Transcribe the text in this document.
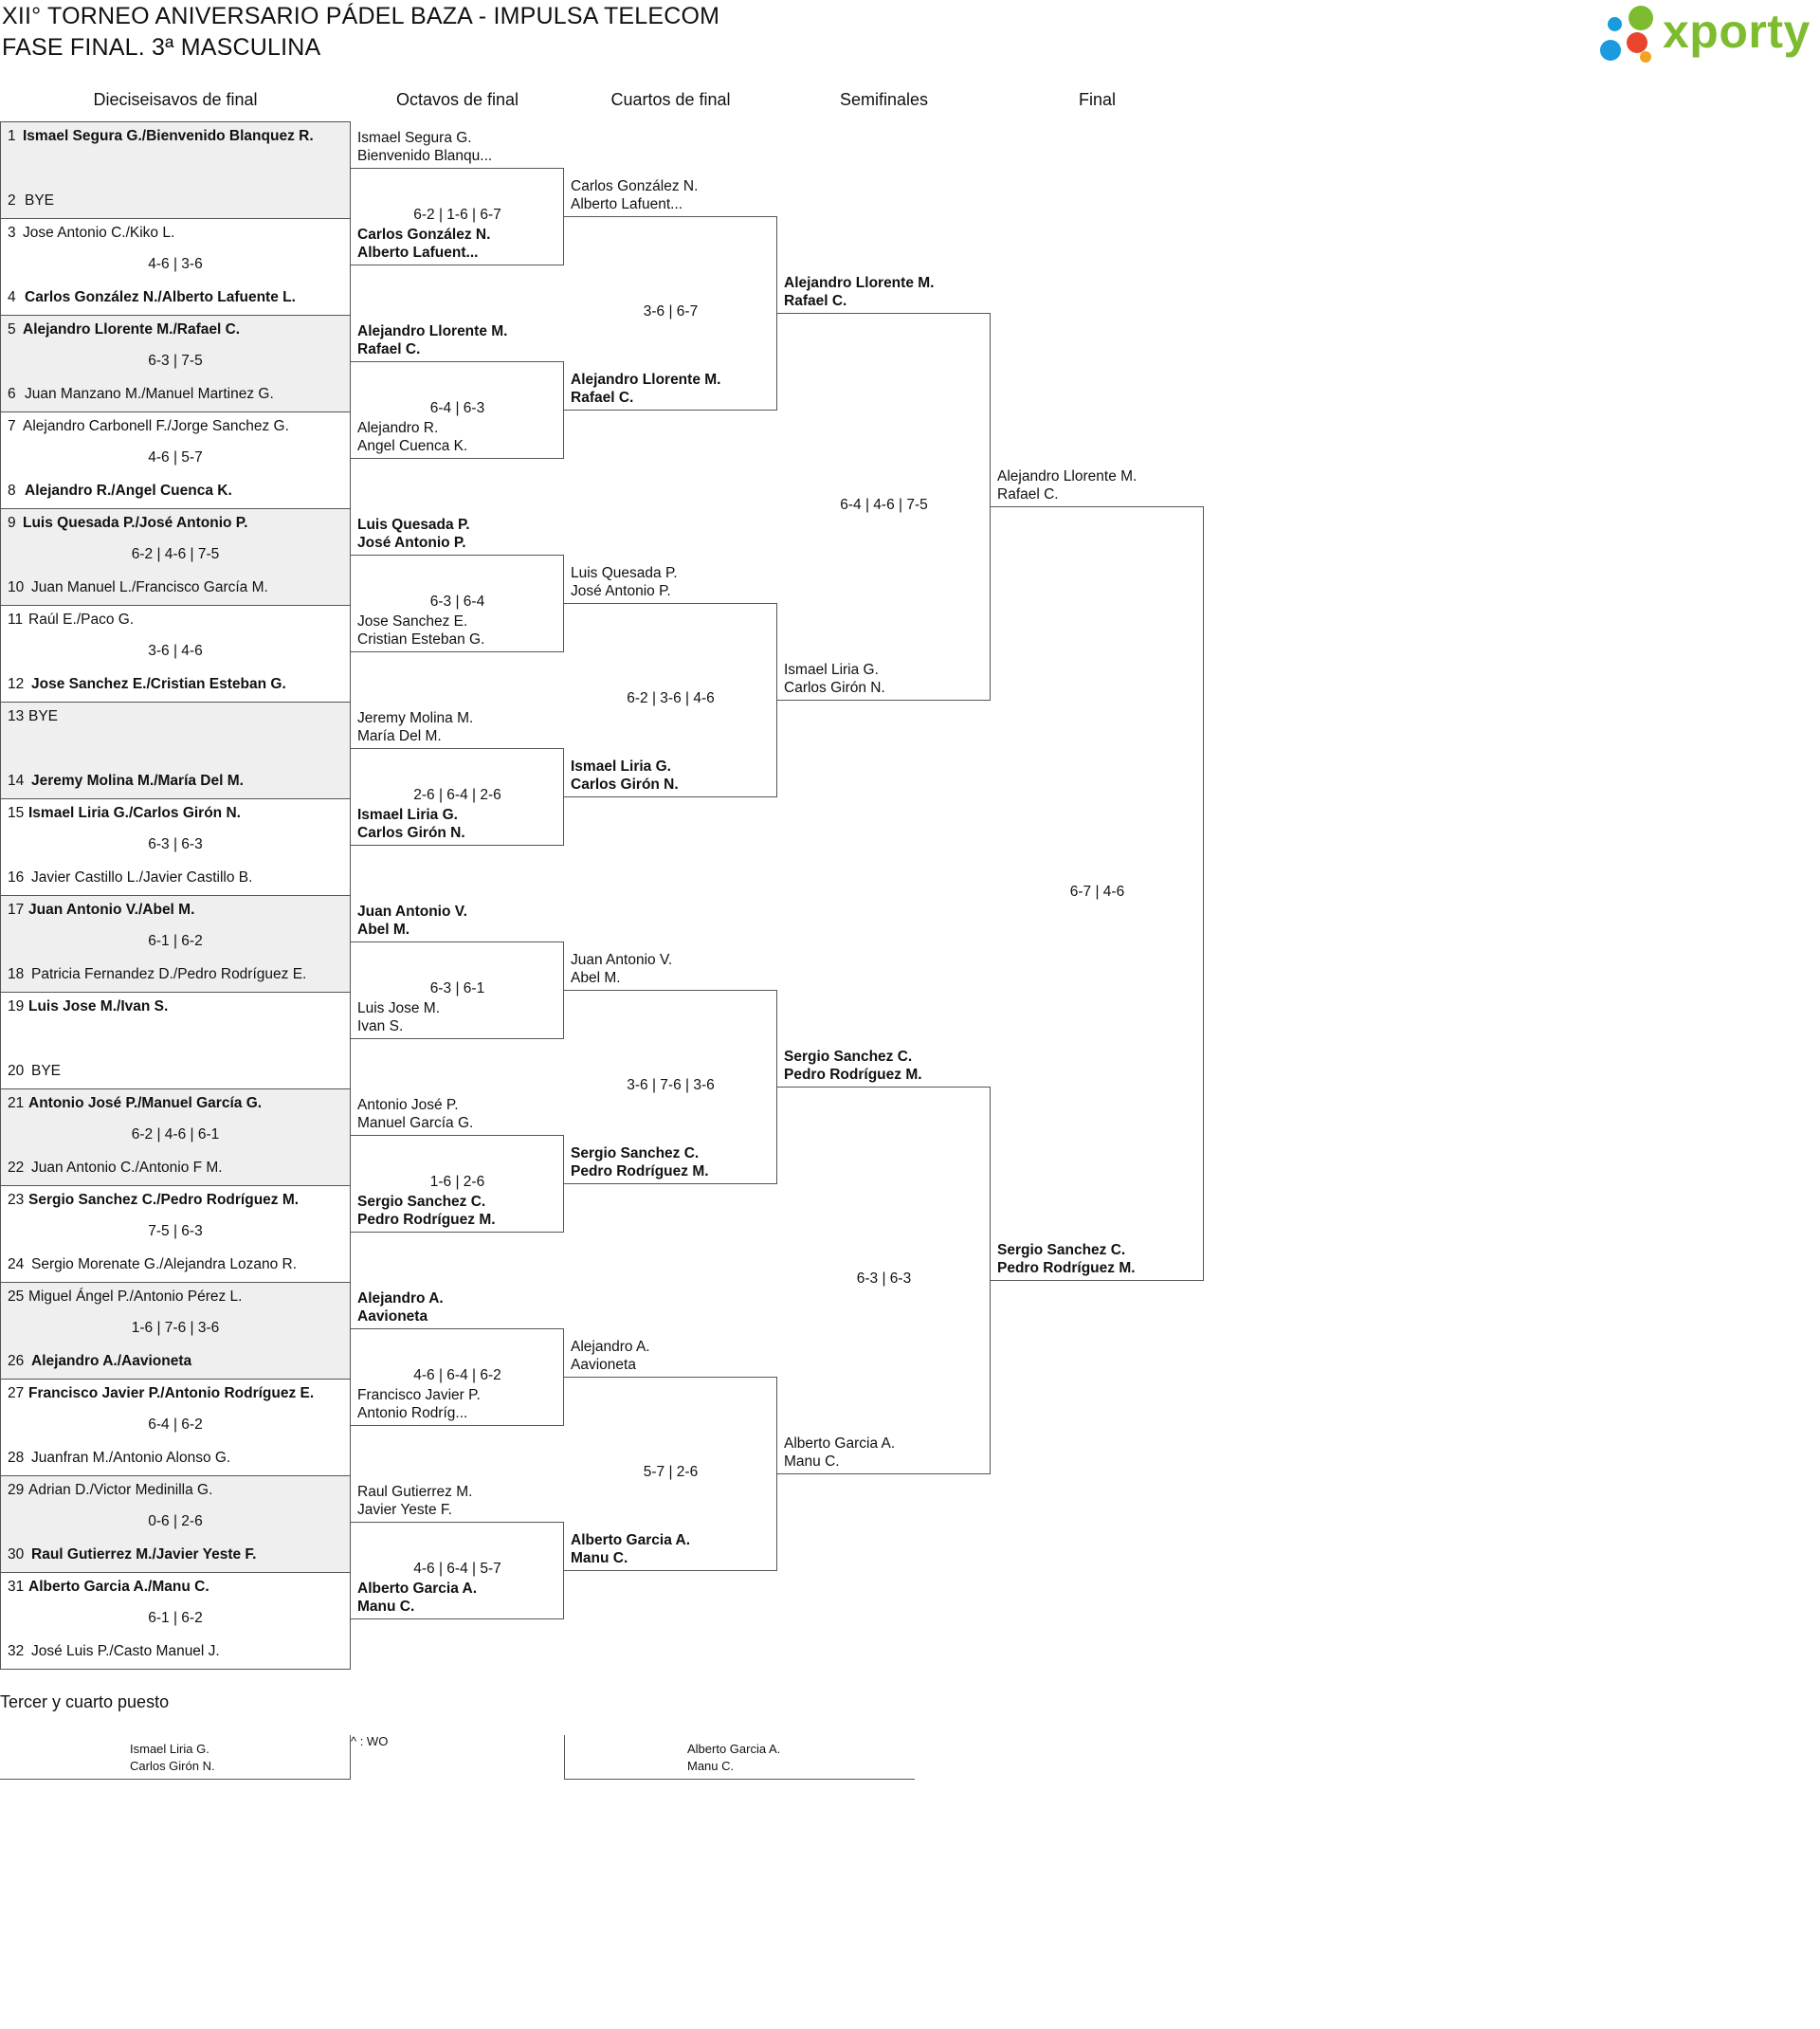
XII° TORNEO ANIVERSARIO PÁDEL BAZA - IMPULSA TELECOM
FASE FINAL. 3ª MASCULINA	xporty
Dieciseisavos de final	Octavos de final	Cuartos de final	Semifinales	Final
1 Ismael Segura G./Bienvenido Blanquez R.
2 BYE
3 Jose Antonio C./Kiko L.
4-6 | 3-6
4 Carlos González N./Alberto Lafuente L.
5 Alejandro Llorente M./Rafael C.
6-3 | 7-5
6 Juan Manzano M./Manuel Martinez G.
7 Alejandro Carbonell F./Jorge Sanchez G.
4-6 | 5-7
8 Alejandro R./Angel Cuenca K.
9 Luis Quesada P./José Antonio P.
6-2 | 4-6 | 7-5
10 Juan Manuel L./Francisco García M.
11 Raúl E./Paco G.
3-6 | 4-6
12 Jose Sanchez E./Cristian Esteban G.
13 BYE
14 Jeremy Molina M./María Del M.
15 Ismael Liria G./Carlos Girón N.
6-3 | 6-3
16 Javier Castillo L./Javier Castillo B.
17 Juan Antonio V./Abel M.
6-1 | 6-2
18 Patricia Fernandez D./Pedro Rodríguez E.
19 Luis Jose M./Ivan S.
20 BYE
21 Antonio José P./Manuel García G.
6-2 | 4-6 | 6-1
22 Juan Antonio C./Antonio F M.
23 Sergio Sanchez C./Pedro Rodríguez M.
7-5 | 6-3
24 Sergio Morenate G./Alejandra Lozano R.
25 Miguel Ángel P./Antonio Pérez L.
1-6 | 7-6 | 3-6
26 Alejandro A./Aavioneta
27 Francisco Javier P./Antonio Rodríguez E.
6-4 | 6-2
28 Juanfran M./Antonio Alonso G.
29 Adrian D./Victor Medinilla G.
0-6 | 2-6
30 Raul Gutierrez M./Javier Yeste F.
31 Alberto Garcia A./Manu C.
6-1 | 6-2
32 José Luis P./Casto Manuel J.
Ismael Segura G.
Bienvenido Blanqu...
Carlos González N.
Alberto Lafuent...
6-2 | 1-6 | 6-7
Alejandro Llorente M.
Rafael C.
Alejandro R.
Angel Cuenca K.
6-4 | 6-3
Luis Quesada P.
José Antonio P.
Jose Sanchez E.
Cristian Esteban G.
6-3 | 6-4
Jeremy Molina M.
María Del M.
Ismael Liria G.
Carlos Girón N.
2-6 | 6-4 | 2-6
Juan Antonio V.
Abel M.
Luis Jose M.
Ivan S.
6-3 | 6-1
Antonio José P.
Manuel García G.
Sergio Sanchez C.
Pedro Rodríguez M.
1-6 | 2-6
Alejandro A.
Aavioneta
Francisco Javier P.
Antonio Rodríg...
4-6 | 6-4 | 6-2
Raul Gutierrez M.
Javier Yeste F.
Alberto Garcia A.
Manu C.
4-6 | 6-4 | 5-7
Carlos González N.
Alberto Lafuent...
Alejandro Llorente M.
Rafael C.
3-6 | 6-7
Luis Quesada P.
José Antonio P.
Ismael Liria G.
Carlos Girón N.
6-2 | 3-6 | 4-6
Juan Antonio V.
Abel M.
Sergio Sanchez C.
Pedro Rodríguez M.
3-6 | 7-6 | 3-6
Alejandro A.
Aavioneta
Alberto Garcia A.
Manu C.
5-7 | 2-6
Alejandro Llorente M.
Rafael C.
Ismael Liria G.
Carlos Girón N.
6-4 | 4-6 | 7-5
Sergio Sanchez C.
Pedro Rodríguez M.
Alberto Garcia A.
Manu C.
6-3 | 6-3
Alejandro Llorente M.
Rafael C.
Sergio Sanchez C.
Pedro Rodríguez M.
6-7 | 4-6
Tercer y cuarto puesto
Ismael Liria G.
Carlos Girón N.
Alberto Garcia A.
Manu C.
^ : WO
